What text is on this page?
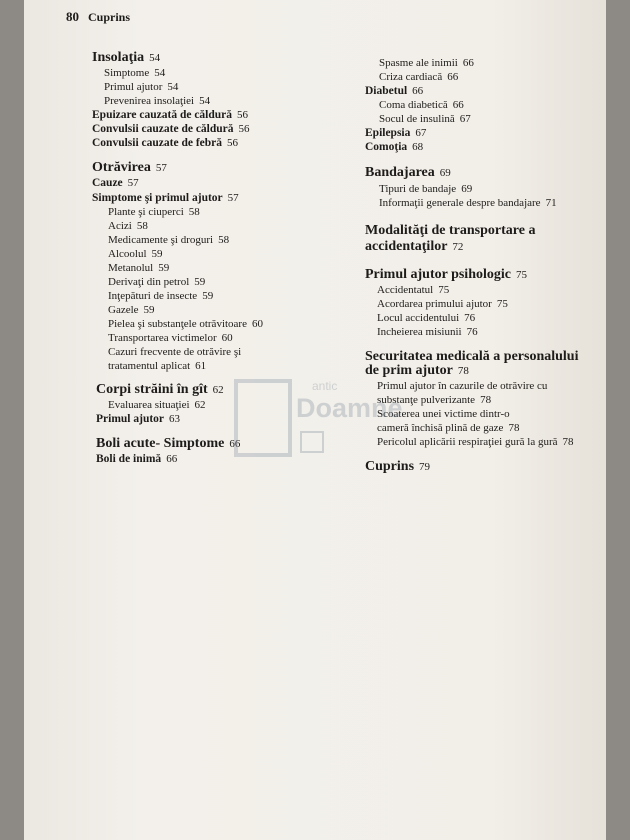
80 Cuprins
Insolaţia 54
Simptome 54
Primul ajutor 54
Prevenirea insolaţiei 54
Epuizare cauzată de căldură 56
Convulsii cauzate de căldură 56
Convulsii cauzate de febră 56
Otrăvirea 57
Cauze 57
Simptome şi primul ajutor 57
Plante şi ciuperci 58
Acizi 58
Medicamente şi droguri 58
Alcoolul 59
Metanolul 59
Derivaţi din petrol 59
Inţepături de insecte 59
Gazele 59
Pielea şi substanţele otrăvitoare 60
Transportarea victimelor 60
Cazuri frecvente de otrăvire şi
tratamentul aplicat 61
Corpi străini în gît 62
Evaluarea situaţiei 62
Primul ajutor 63
Boli acute- Simptome 66
Boli de inimă 66
Spasme ale inimii 66
Criza cardiacă 66
Diabetul 66
Coma diabetică 66
Socul de insulină 67
Epilepsia 67
Comoţia 68
Bandajarea 69
Tipuri de bandaje 69
Informaţii generale despre bandajare 71
Modalităţi de transportare a
accidentaţilor 72
Primul ajutor psihologic 75
Accidentatul 75
Acordarea primului ajutor 75
Locul accidentului 76
Incheierea misiunii 76
Securitatea medicală a personalului
de prim ajutor 78
Primul ajutor în cazurile de otrăvire cu
substanţe pulverizante 78
Scoaterea unei victime dintr-o
cameră închisă plină de gaze 78
Pericolul aplicării respiraţiei gură la gură 78
Cuprins 79
antic
Doamne
